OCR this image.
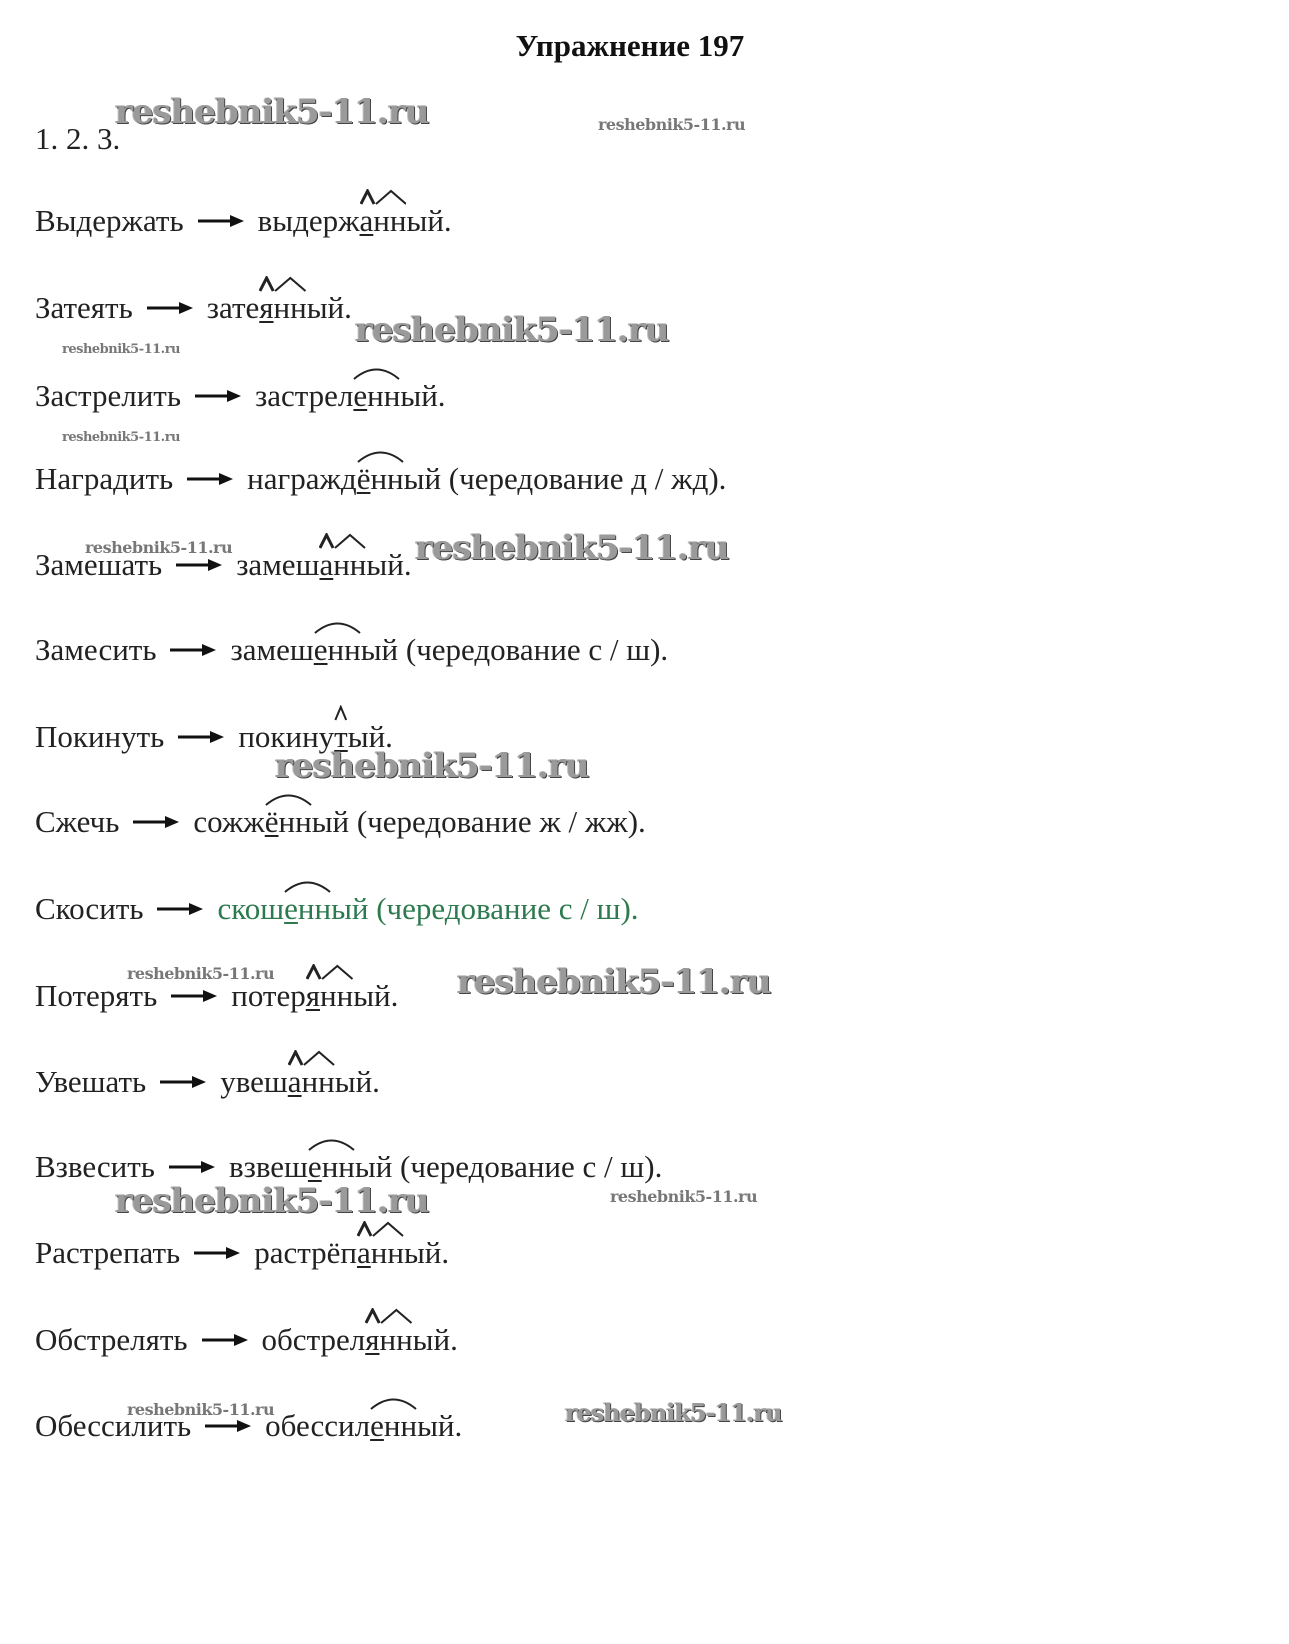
Упражнение 197
1. 2. 3.
Выдержать выдержанн
ый.
Затеять затеянн
ый.
Застрелить застреленн
ый.
Наградить награждённ
ый (чередование д / жд).
Замешать замешанн
ый.
Замесить замешенн
ый (чередование с / ш).
Покинуть покинут
ый.
Сжечь сожжённ
ый (чередование ж / жж).
Скосить скошенн
ый (чередование с / ш).
Потерять потерянн
ый.
Увешать увешанн
ый.
Взвесить взвешенн
ый (чередование с / ш).
Растрепать растрёпанн
ый.
Обстрелять обстрелянн
ый.
Обессилить обессиленн
ый.
reshebnik5-11.ru	reshebnik5-11.ru
reshebnik5-11.ru
reshebnik5-11.ru
reshebnik5-11.ru
reshebnik5-11.ru	reshebnik5-11.ru
reshebnik5-11.ru
reshebnik5-11.ru	reshebnik5-11.ru
reshebnik5-11.ru	reshebnik5-11.ru
reshebnik5-11.ru	reshebnik5-11.ru
